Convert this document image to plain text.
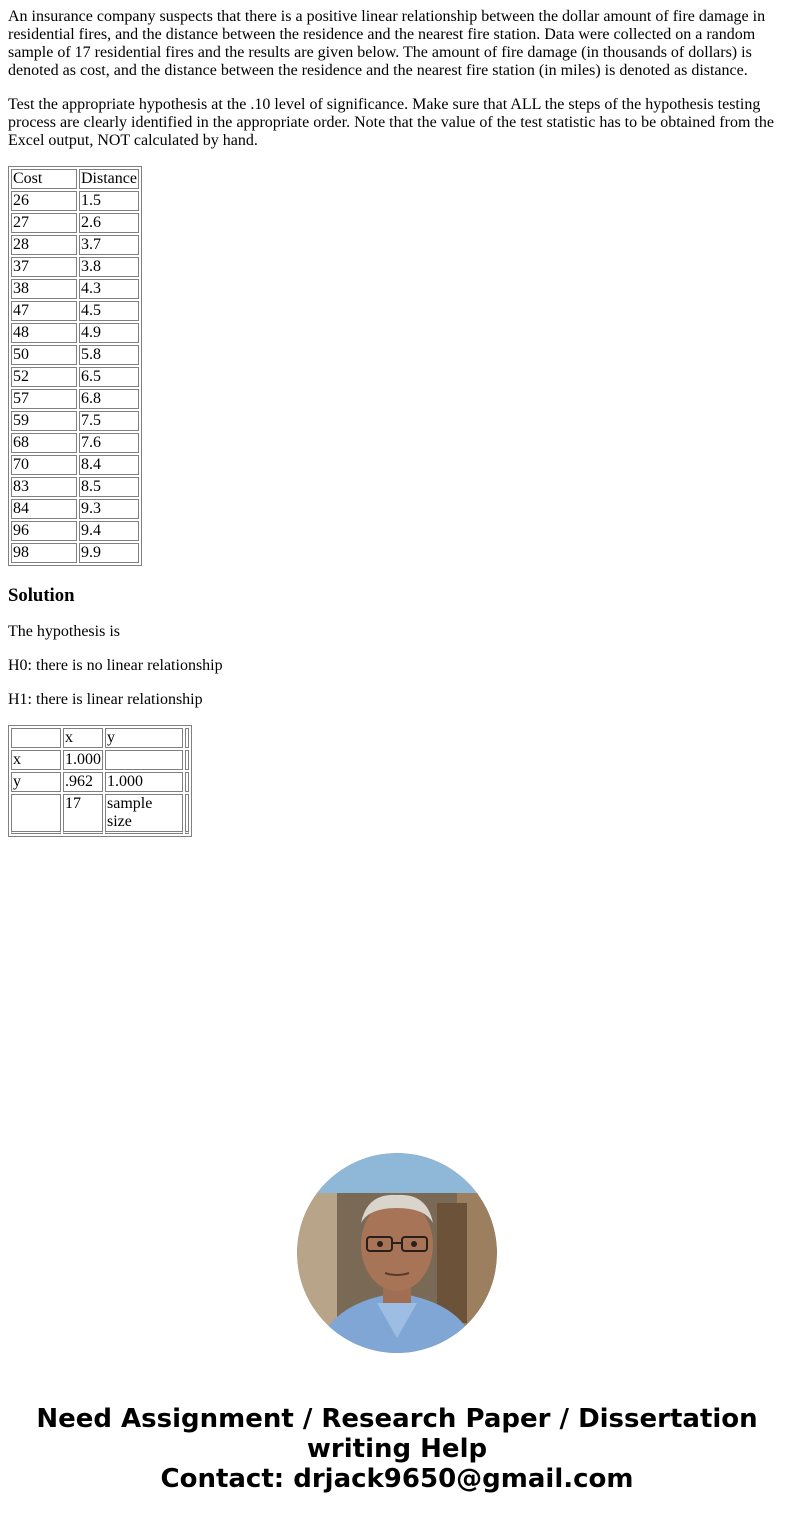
An insurance company suspects that there is a positive linear relationship between the dollar amount of fire damage in residential fires, and the distance between the residence and the nearest fire station. Data were collected on a random sample of 17 residential fires and the results are given below. The amount of fire damage (in thousands of dollars) is denoted as cost, and the distance between the residence and the nearest fire station (in miles) is denoted as distance.

Test the appropriate hypothesis at the .10 level of significance. Make sure that ALL the steps of the hypothesis testing process are clearly identified in the appropriate order. Note that the value of the test statistic has to be obtained from the Excel output, NOT calculated by hand.

Cost	Distance
26	1.5
27	2.6
28	3.7
37	3.8
38	4.3
47	4.5
48	4.9
50	5.8
52	6.5
57	6.8
59	7.5
68	7.6
70	8.4
83	8.5
84	9.3
96	9.4
98	9.9
Solution

The hypothesis is

H0: there is no linear relationship

H1: there is linear relationship

	x	y	
x	1.000		
y	.962	1.000	
	17	sample size	
Need Assignment / Research Paper / Dissertation
writing Help
Contact: drjack9650@gmail.com
